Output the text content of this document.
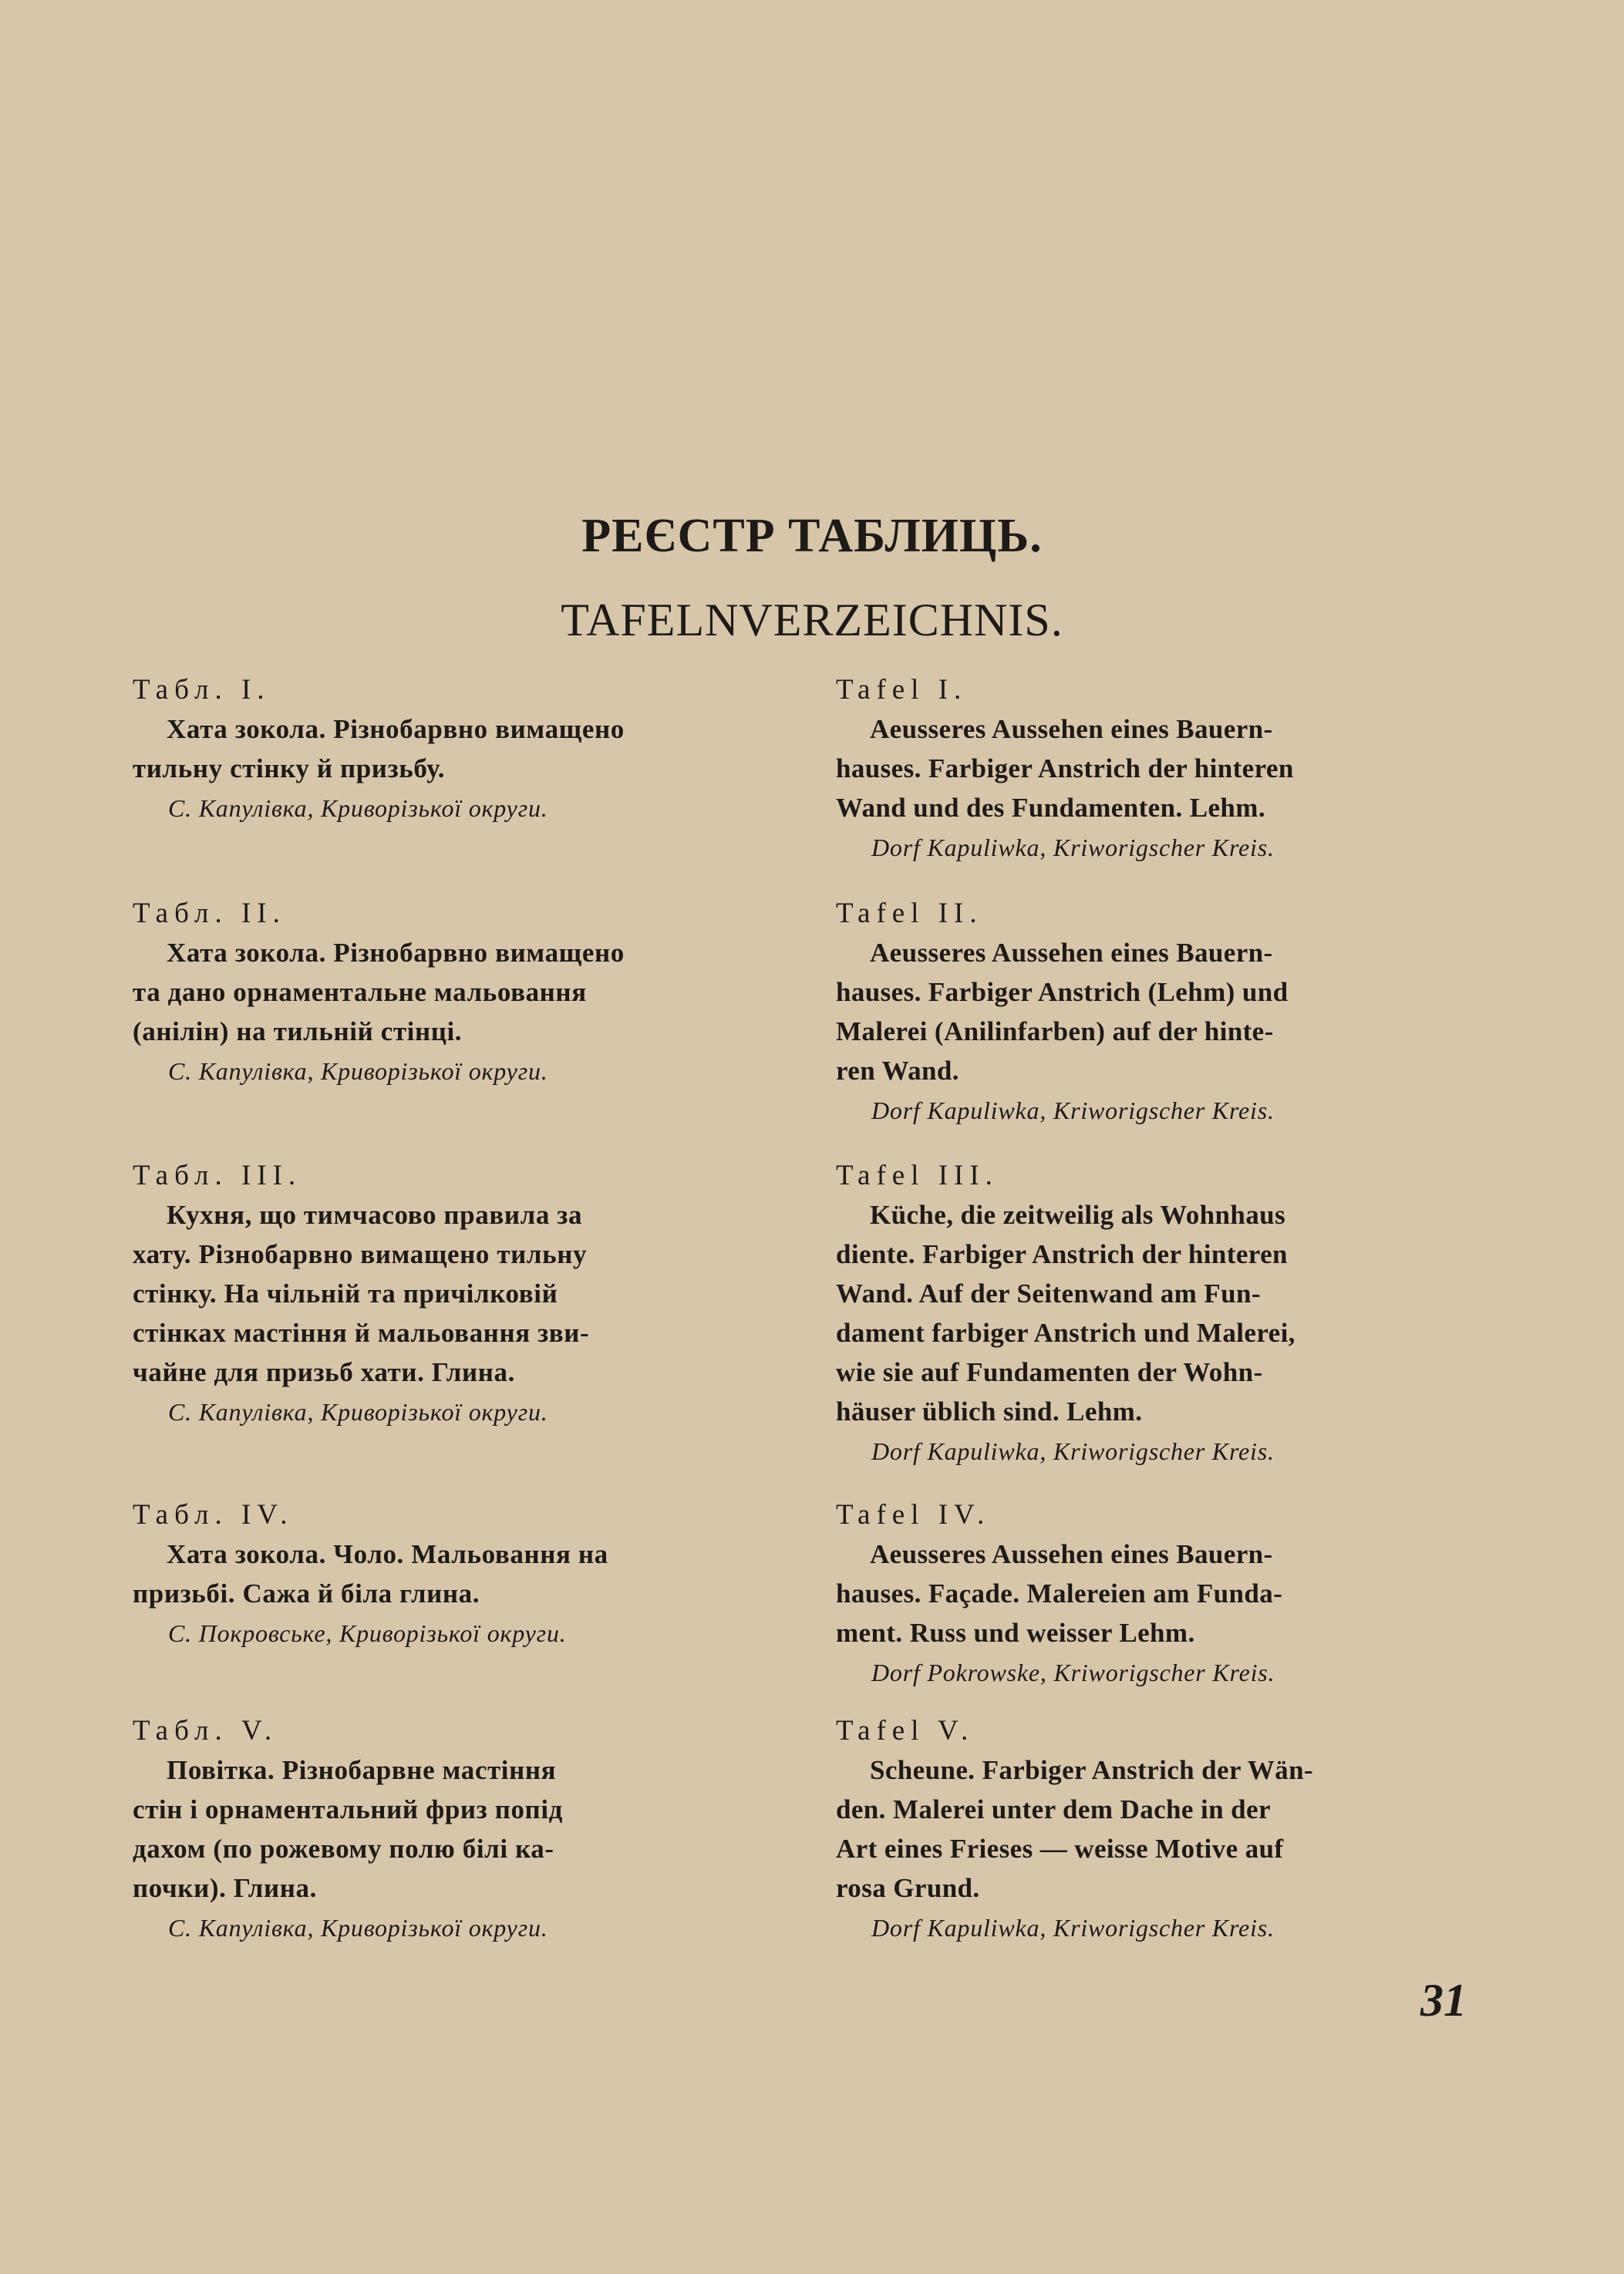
РЕЄСТР ТАБЛИЦЬ.
TAFELNVERZEICHNIS.
Табл. I.
Хата зокола. Різнобарвно вимащено
тильну стінку й призьбу.
С. Капулівка, Криворізької округи.
Табл. II.
Хата зокола. Різнобарвно вимащено
та дано орнаментальне мальовання
(анілін) на тильній стінці.
С. Капулівка, Криворізької округи.
Табл. III.
Кухня, що тимчасово правила за
хату. Різнобарвно вимащено тильну
стінку. На чільній та причілковій
стінках мастіння й мальовання зви-
чайне для призьб хати. Глина.
С. Капулівка, Криворізької округи.
Табл. IV.
Хата зокола. Чоло. Мальовання на
призьбі. Сажа й біла глина.
С. Покровське, Криворізької округи.
Табл. V.
Повітка. Різнобарвне мастіння
стін і орнаментальний фриз попід
дахом (по рожевому полю білі ка-
почки). Глина.
С. Капулівка, Криворізької округи.
Tafel I.
Aeusseres Aussehen eines Bauern-
hauses. Farbiger Anstrich der hinteren
Wand und des Fundamenten. Lehm.
Dorf Kapulіwka, Kriworigscher Kreis.
Tafel II.
Aeusseres Aussehen eines Bauern-
hauses. Farbiger Anstrich (Lehm) und
Malerei (Anilinfarben) auf der hinte-
ren Wand.
Dorf Kapulіwka, Kriworigscher Kreis.
Tafel III.
Küche, die zeitweilig als Wohnhaus
diente. Farbiger Anstrich der hinteren
Wand. Auf der Seitenwand am Fun-
dament farbiger Anstrich und Malerei,
wie sie auf Fundamenten der Wohn-
häuser üblich sind. Lehm.
Dorf Kapulіwka, Kriworigscher Kreis.
Tafel IV.
Aeusseres Aussehen eines Bauern-
hauses. Façade. Malereien am Funda-
ment. Russ und weisser Lehm.
Dorf Pokrowske, Kriworigscher Kreis.
Tafel V.
Scheune. Farbiger Anstrich der Wän-
den. Malerei unter dem Dache in der
Art eines Frieses — weisse Motive auf
rosa Grund.
Dorf Kapulіwka, Kriworigscher Kreis.
31
